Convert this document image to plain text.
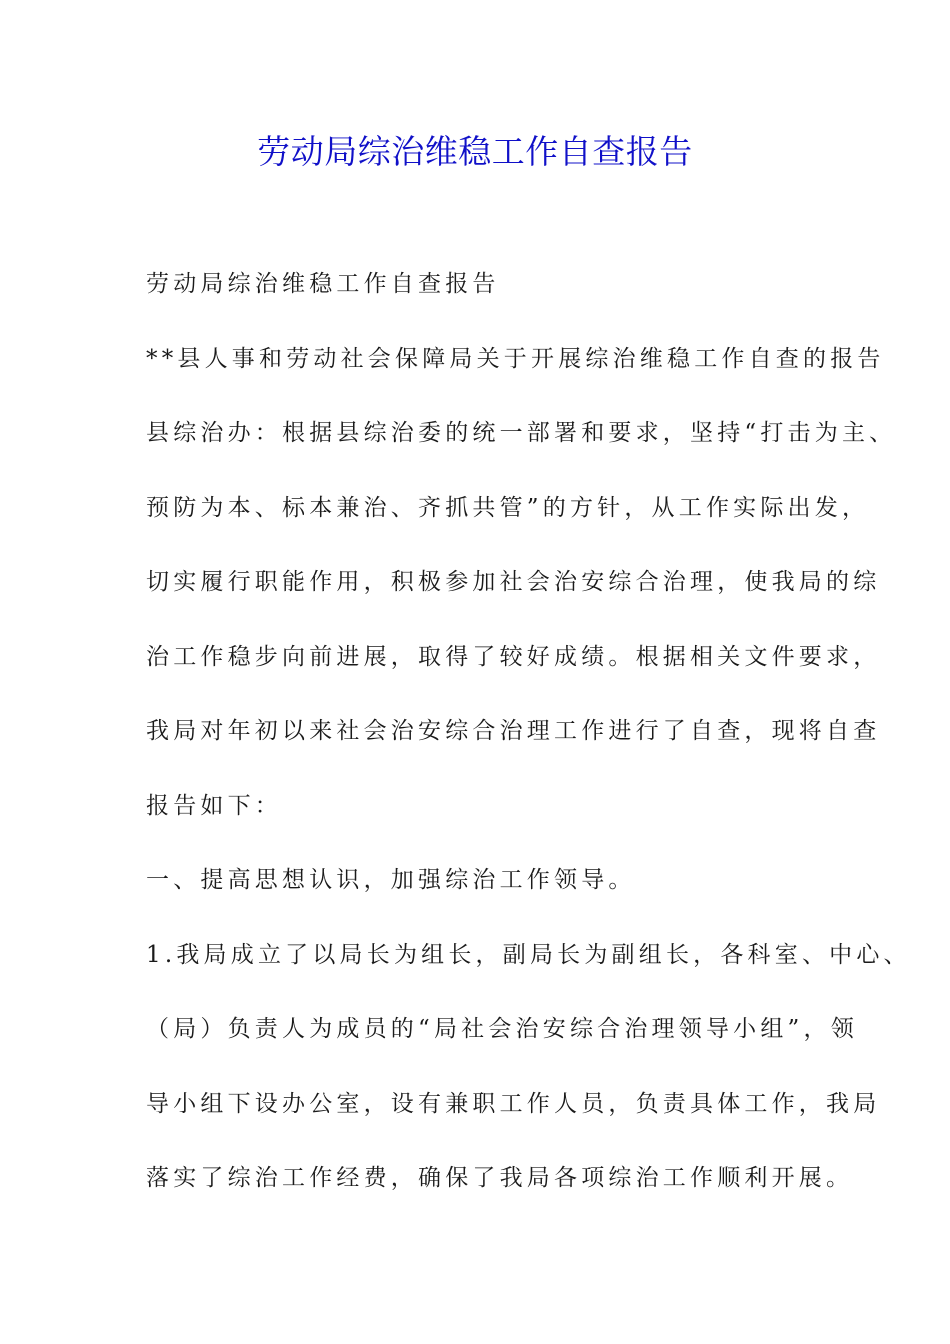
劳动局综治维稳工作自查报告
劳动局综治维稳工作自查报告
**县人事和劳动社会保障局关于开展综治维稳工作自查的报告
县综治办：根据县综治委的统一部署和要求，坚持“打击为主、
预防为本、标本兼治、齐抓共管”的方针，从工作实际出发，
切实履行职能作用，积极参加社会治安综合治理，使我局的综
治工作稳步向前进展，取得了较好成绩。根据相关文件要求，
我局对年初以来社会治安综合治理工作进行了自查，现将自查
报告如下：
一、提高思想认识，加强综治工作领导。
1.我局成立了以局长为组长，副局长为副组长，各科室、中心、
（局）负责人为成员的“局社会治安综合治理领导小组”，领
导小组下设办公室，设有兼职工作人员，负责具体工作，我局
落实了综治工作经费，确保了我局各项综治工作顺利开展。
